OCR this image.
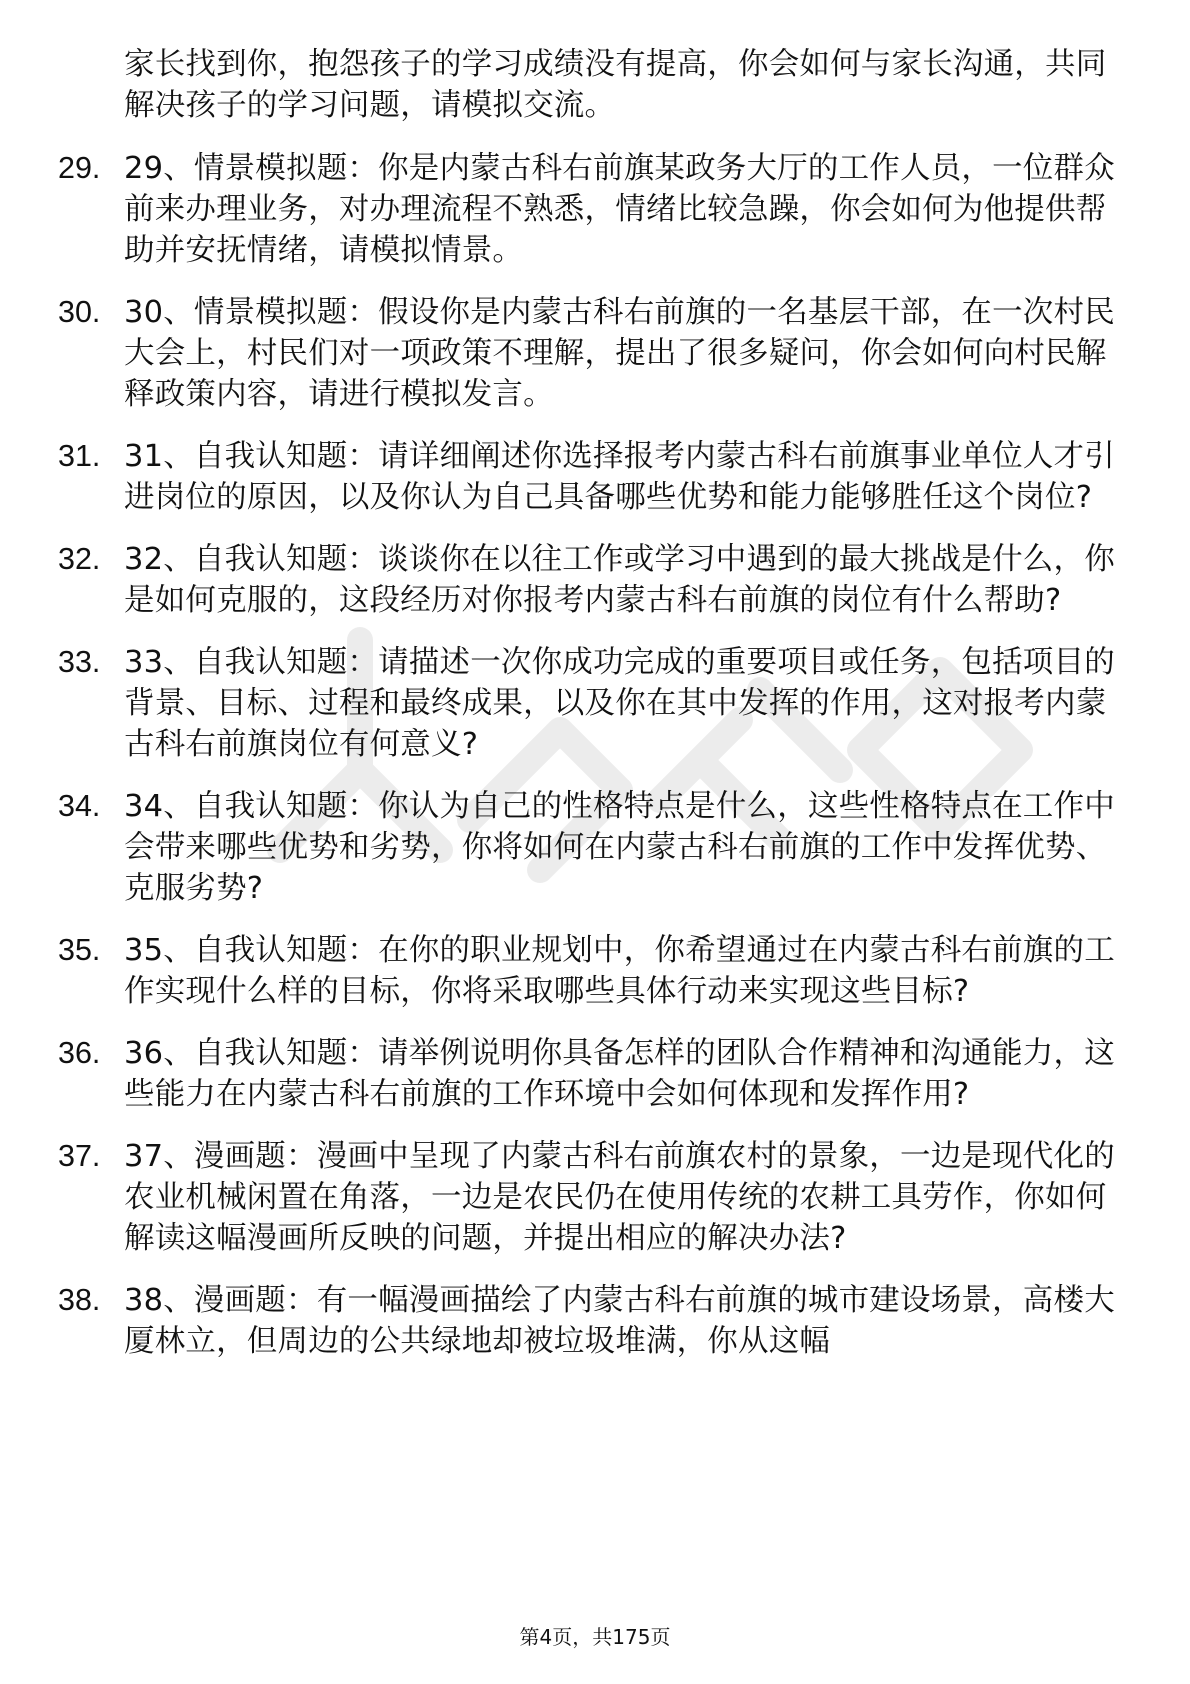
家长找到你，抱怨孩子的学习成绩没有提高，你会如何与家长沟通，共同解决孩子的学习问题，请模拟交流。

29. 29、情景模拟题：你是内蒙古科右前旗某政务大厅的工作人员，一位群众前来办理业务，对办理流程不熟悉，情绪比较急躁，你会如何为他提供帮助并安抚情绪，请模拟情景。
30. 30、情景模拟题：假设你是内蒙古科右前旗的一名基层干部，在一次村民大会上，村民们对一项政策不理解，提出了很多疑问，你会如何向村民解释政策内容，请进行模拟发言。
31. 31、自我认知题：请详细阐述你选择报考内蒙古科右前旗事业单位人才引进岗位的原因，以及你认为自己具备哪些优势和能力能够胜任这个岗位?
32. 32、自我认知题：谈谈你在以往工作或学习中遇到的最大挑战是什么，你是如何克服的，这段经历对你报考内蒙古科右前旗的岗位有什么帮助?
33. 33、自我认知题：请描述一次你成功完成的重要项目或任务，包括项目的背景、目标、过程和最终成果，以及你在其中发挥的作用，这对报考内蒙古科右前旗岗位有何意义?
34. 34、自我认知题：你认为自己的性格特点是什么，这些性格特点在工作中会带来哪些优势和劣势，你将如何在内蒙古科右前旗的工作中发挥优势、克服劣势?
35. 35、自我认知题：在你的职业规划中，你希望通过在内蒙古科右前旗的工作实现什么样的目标，你将采取哪些具体行动来实现这些目标?
36. 36、自我认知题：请举例说明你具备怎样的团队合作精神和沟通能力，这些能力在内蒙古科右前旗的工作环境中会如何体现和发挥作用?
37. 37、漫画题：漫画中呈现了内蒙古科右前旗农村的景象，一边是现代化的农业机械闲置在角落，一边是农民仍在使用传统的农耕工具劳作，你如何解读这幅漫画所反映的问题，并提出相应的解决办法?
38. 38、漫画题：有一幅漫画描绘了内蒙古科右前旗的城市建设场景，高楼大厦林立，但周边的公共绿地却被垃圾堆满，你从这幅
第4页，共175页
